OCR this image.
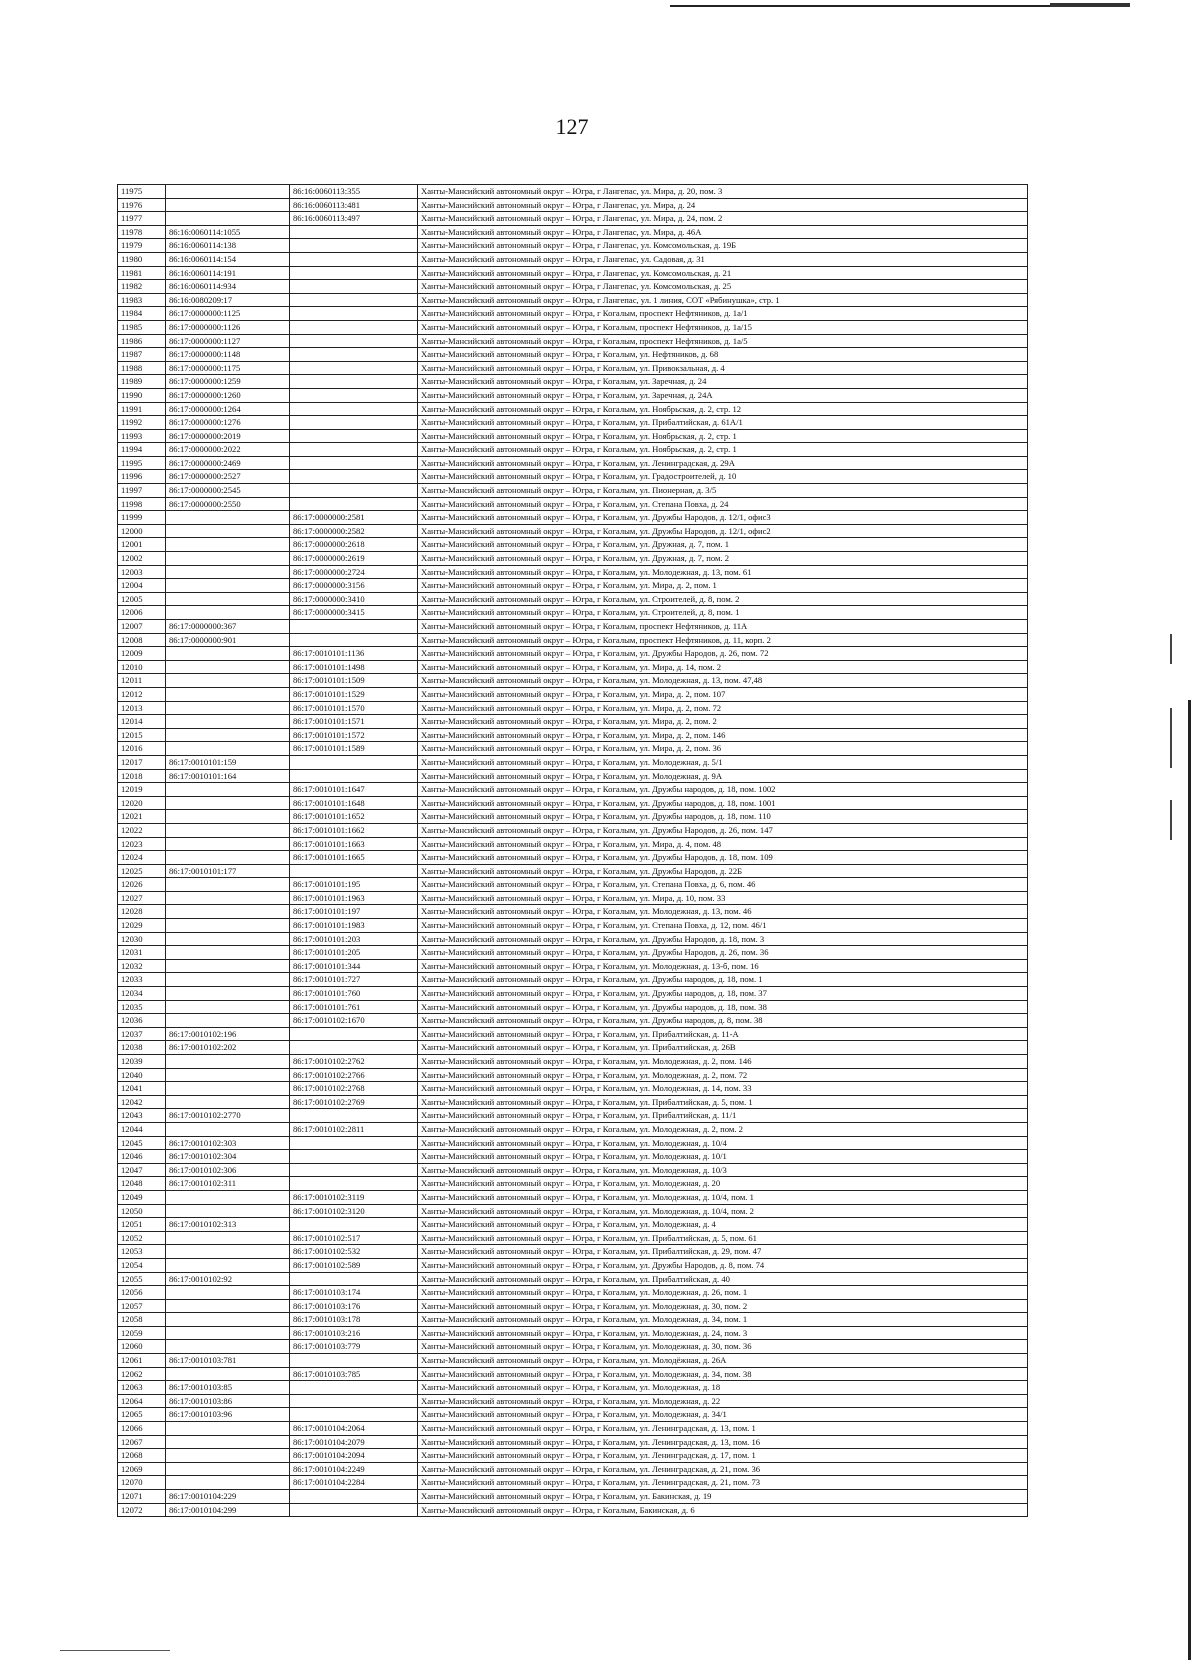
127
11975		86:16:0060113:355	Ханты-Мансийский автономный округ – Югра, г Лангепас, ул. Мира, д. 20, пом. 3
11976		86:16:0060113:481	Ханты-Мансийский автономный округ – Югра, г Лангепас, ул. Мира, д. 24
11977		86:16:0060113:497	Ханты-Мансийский автономный округ – Югра, г Лангепас, ул. Мира, д. 24, пом. 2
11978	86:16:0060114:1055		Ханты-Мансийский автономный округ – Югра, г Лангепас, ул. Мира, д. 46А
11979	86:16:0060114:138		Ханты-Мансийский автономный округ – Югра, г Лангепас, ул. Комсомольская, д. 19Б
11980	86:16:0060114:154		Ханты-Мансийский автономный округ – Югра, г Лангепас, ул. Садовая, д. 31
11981	86:16:0060114:191		Ханты-Мансийский автономный округ – Югра, г Лангепас, ул. Комсомольская, д. 21
11982	86:16:0060114:934		Ханты-Мансийский автономный округ – Югра, г Лангепас, ул. Комсомольская, д. 25
11983	86:16:0080209:17		Ханты-Мансийский автономный округ – Югра, г Лангепас, ул. 1 линия, СОТ «Рябинушка», стр. 1
11984	86:17:0000000:1125		Ханты-Мансийский автономный округ – Югра, г Когалым, проспект Нефтяников, д. 1а/1
11985	86:17:0000000:1126		Ханты-Мансийский автономный округ – Югра, г Когалым, проспект Нефтяников, д. 1а/15
11986	86:17:0000000:1127		Ханты-Мансийский автономный округ – Югра, г Когалым, проспект Нефтяников, д. 1а/5
11987	86:17:0000000:1148		Ханты-Мансийский автономный округ – Югра, г Когалым, ул. Нефтяников, д. 68
11988	86:17:0000000:1175		Ханты-Мансийский автономный округ – Югра, г Когалым, ул. Привокзальная, д. 4
11989	86:17:0000000:1259		Ханты-Мансийский автономный округ – Югра, г Когалым, ул. Заречная, д. 24
11990	86:17:0000000:1260		Ханты-Мансийский автономный округ – Югра, г Когалым, ул. Заречная, д. 24А
11991	86:17:0000000:1264		Ханты-Мансийский автономный округ – Югра, г Когалым, ул. Ноябрьская, д. 2, стр. 12
11992	86:17:0000000:1276		Ханты-Мансийский автономный округ – Югра, г Когалым, ул. Прибалтийская, д. 61А/1
11993	86:17:0000000:2019		Ханты-Мансийский автономный округ – Югра, г Когалым, ул. Ноябрьская, д. 2, стр. 1
11994	86:17:0000000:2022		Ханты-Мансийский автономный округ – Югра, г Когалым, ул. Ноябрьская, д. 2, стр. 1
11995	86:17:0000000:2469		Ханты-Мансийский автономный округ – Югра, г Когалым, ул. Ленинградская, д. 29А
11996	86:17:0000000:2527		Ханты-Мансийский автономный округ – Югра, г Когалым, ул. Градостроителей, д. 10
11997	86:17:0000000:2545		Ханты-Мансийский автономный округ – Югра, г Когалым, ул. Пионерная, д. 3/5
11998	86:17:0000000:2550		Ханты-Мансийский автономный округ – Югра, г Когалым, ул. Степана Повха, д. 24
11999		86:17:0000000:2581	Ханты-Мансийский автономный округ – Югра, г Когалым, ул. Дружбы Народов, д. 12/1, офис3
12000		86:17:0000000:2582	Ханты-Мансийский автономный округ – Югра, г Когалым, ул. Дружбы Народов, д. 12/1, офис2
12001		86:17:0000000:2618	Ханты-Мансийский автономный округ – Югра, г Когалым, ул. Дружная, д. 7, пом. 1
12002		86:17:0000000:2619	Ханты-Мансийский автономный округ – Югра, г Когалым, ул. Дружная, д. 7, пом. 2
12003		86:17:0000000:2724	Ханты-Мансийский автономный округ – Югра, г Когалым, ул. Молодежная, д. 13, пом. 61
12004		86:17:0000000:3156	Ханты-Мансийский автономный округ – Югра, г Когалым, ул. Мира, д. 2, пом. 1
12005		86:17:0000000:3410	Ханты-Мансийский автономный округ – Югра, г Когалым, ул. Строителей, д. 8, пом. 2
12006		86:17:0000000:3415	Ханты-Мансийский автономный округ – Югра, г Когалым, ул. Строителей, д. 8, пом. 1
12007	86:17:0000000:367		Ханты-Мансийский автономный округ – Югра, г Когалым, проспект Нефтяников, д. 11А
12008	86:17:0000000:901		Ханты-Мансийский автономный округ – Югра, г Когалым, проспект Нефтяников, д. 11, корп. 2
12009		86:17:0010101:1136	Ханты-Мансийский автономный округ – Югра, г Когалым, ул. Дружбы Народов, д. 26, пом. 72
12010		86:17:0010101:1498	Ханты-Мансийский автономный округ – Югра, г Когалым, ул. Мира, д. 14, пом. 2
12011		86:17:0010101:1509	Ханты-Мансийский автономный округ – Югра, г Когалым, ул. Молодежная, д. 13, пом. 47,48
12012		86:17:0010101:1529	Ханты-Мансийский автономный округ – Югра, г Когалым, ул. Мира, д. 2, пом. 107
12013		86:17:0010101:1570	Ханты-Мансийский автономный округ – Югра, г Когалым, ул. Мира, д. 2, пом. 72
12014		86:17:0010101:1571	Ханты-Мансийский автономный округ – Югра, г Когалым, ул. Мира, д. 2, пом. 2
12015		86:17:0010101:1572	Ханты-Мансийский автономный округ – Югра, г Когалым, ул. Мира, д. 2, пом. 146
12016		86:17:0010101:1589	Ханты-Мансийский автономный округ – Югра, г Когалым, ул. Мира, д. 2, пом. 36
12017	86:17:0010101:159		Ханты-Мансийский автономный округ – Югра, г Когалым, ул. Молодежная, д. 5/1
12018	86:17:0010101:164		Ханты-Мансийский автономный округ – Югра, г Когалым, ул. Молодежная, д. 9А
12019		86:17:0010101:1647	Ханты-Мансийский автономный округ – Югра, г Когалым, ул. Дружбы народов, д. 18, пом. 1002
12020		86:17:0010101:1648	Ханты-Мансийский автономный округ – Югра, г Когалым, ул. Дружбы народов, д. 18, пом. 1001
12021		86:17:0010101:1652	Ханты-Мансийский автономный округ – Югра, г Когалым, ул. Дружбы народов, д. 18, пом. 110
12022		86:17:0010101:1662	Ханты-Мансийский автономный округ – Югра, г Когалым, ул. Дружбы Народов, д. 26, пом. 147
12023		86:17:0010101:1663	Ханты-Мансийский автономный округ – Югра, г Когалым, ул. Мира, д. 4, пом. 48
12024		86:17:0010101:1665	Ханты-Мансийский автономный округ – Югра, г Когалым, ул. Дружбы Народов, д. 18, пом. 109
12025	86:17:0010101:177		Ханты-Мансийский автономный округ – Югра, г Когалым, ул. Дружбы Народов, д. 22Б
12026		86:17:0010101:195	Ханты-Мансийский автономный округ – Югра, г Когалым, ул. Степана Повха, д. 6, пом. 46
12027		86:17:0010101:1963	Ханты-Мансийский автономный округ – Югра, г Когалым, ул. Мира, д. 10, пом. 33
12028		86:17:0010101:197	Ханты-Мансийский автономный округ – Югра, г Когалым, ул. Молодежная, д. 13, пом. 46
12029		86:17:0010101:1983	Ханты-Мансийский автономный округ – Югра, г Когалым, ул. Степана Повха, д. 12, пом. 46/1
12030		86:17:0010101:203	Ханты-Мансийский автономный округ – Югра, г Когалым, ул. Дружбы Народов, д. 18, пом. 3
12031		86:17:0010101:205	Ханты-Мансийский автономный округ – Югра, г Когалым, ул. Дружбы Народов, д. 26, пом. 36
12032		86:17:0010101:344	Ханты-Мансийский автономный округ – Югра, г Когалым, ул. Молодежная, д. 13-б, пом. 16
12033		86:17:0010101:727	Ханты-Мансийский автономный округ – Югра, г Когалым, ул. Дружбы народов, д. 18, пом. 1
12034		86:17:0010101:760	Ханты-Мансийский автономный округ – Югра, г Когалым, ул. Дружбы народов, д. 18, пом. 37
12035		86:17:0010101:761	Ханты-Мансийский автономный округ – Югра, г Когалым, ул. Дружбы народов, д. 18, пом. 38
12036		86:17:0010102:1670	Ханты-Мансийский автономный округ – Югра, г Когалым, ул. Дружбы народов, д. 8, пом. 38
12037	86:17:0010102:196		Ханты-Мансийский автономный округ – Югра, г Когалым, ул. Прибалтийская, д. 11-А
12038	86:17:0010102:202		Ханты-Мансийский автономный округ – Югра, г Когалым, ул. Прибалтийская, д. 26В
12039		86:17:0010102:2762	Ханты-Мансийский автономный округ – Югра, г Когалым, ул. Молодежная, д. 2, пом. 146
12040		86:17:0010102:2766	Ханты-Мансийский автономный округ – Югра, г Когалым, ул. Молодежная, д. 2, пом. 72
12041		86:17:0010102:2768	Ханты-Мансийский автономный округ – Югра, г Когалым, ул. Молодежная, д. 14, пом. 33
12042		86:17:0010102:2769	Ханты-Мансийский автономный округ – Югра, г Когалым, ул. Прибалтийская, д. 5, пом. 1
12043	86:17:0010102:2770		Ханты-Мансийский автономный округ – Югра, г Когалым, ул. Прибалтийская, д. 11/1
12044		86:17:0010102:2811	Ханты-Мансийский автономный округ – Югра, г Когалым, ул. Молодежная, д. 2, пом. 2
12045	86:17:0010102:303		Ханты-Мансийский автономный округ – Югра, г Когалым, ул. Молодежная, д. 10/4
12046	86:17:0010102:304		Ханты-Мансийский автономный округ – Югра, г Когалым, ул. Молодежная, д. 10/1
12047	86:17:0010102:306		Ханты-Мансийский автономный округ – Югра, г Когалым, ул. Молодежная, д. 10/3
12048	86:17:0010102:311		Ханты-Мансийский автономный округ – Югра, г Когалым, ул. Молодежная, д. 20
12049		86:17:0010102:3119	Ханты-Мансийский автономный округ – Югра, г Когалым, ул. Молодежная, д. 10/4, пом. 1
12050		86:17:0010102:3120	Ханты-Мансийский автономный округ – Югра, г Когалым, ул. Молодежная, д. 10/4, пом. 2
12051	86:17:0010102:313		Ханты-Мансийский автономный округ – Югра, г Когалым, ул. Молодежная, д. 4
12052		86:17:0010102:517	Ханты-Мансийский автономный округ – Югра, г Когалым, ул. Прибалтийская, д. 5, пом. 61
12053		86:17:0010102:532	Ханты-Мансийский автономный округ – Югра, г Когалым, ул. Прибалтийская, д. 29, пом. 47
12054		86:17:0010102:589	Ханты-Мансийский автономный округ – Югра, г Когалым, ул. Дружбы Народов, д. 8, пом. 74
12055	86:17:0010102:92		Ханты-Мансийский автономный округ – Югра, г Когалым, ул. Прибалтийская, д. 40
12056		86:17:0010103:174	Ханты-Мансийский автономный округ – Югра, г Когалым, ул. Молодежная, д. 26, пом. 1
12057		86:17:0010103:176	Ханты-Мансийский автономный округ – Югра, г Когалым, ул. Молодежная, д. 30, пом. 2
12058		86:17:0010103:178	Ханты-Мансийский автономный округ – Югра, г Когалым, ул. Молодежная, д. 34, пом. 1
12059		86:17:0010103:216	Ханты-Мансийский автономный округ – Югра, г Когалым, ул. Молодежная, д. 24, пом. 3
12060		86:17:0010103:779	Ханты-Мансийский автономный округ – Югра, г Когалым, ул. Молодежная, д. 30, пом. 36
12061	86:17:0010103:781		Ханты-Мансийский автономный округ – Югра, г Когалым, ул. Молодёжная, д. 26А
12062		86:17:0010103:785	Ханты-Мансийский автономный округ – Югра, г Когалым, ул. Молодежная, д. 34, пом. 38
12063	86:17:0010103:85		Ханты-Мансийский автономный округ – Югра, г Когалым, ул. Молодежная, д. 18
12064	86:17:0010103:86		Ханты-Мансийский автономный округ – Югра, г Когалым, ул. Молодежная, д. 22
12065	86:17:0010103:96		Ханты-Мансийский автономный округ – Югра, г Когалым, ул. Молодежная, д. 34/1
12066		86:17:0010104:2064	Ханты-Мансийский автономный округ – Югра, г Когалым, ул. Ленинградская, д. 13, пом. 1
12067		86:17:0010104:2079	Ханты-Мансийский автономный округ – Югра, г Когалым, ул. Ленинградская, д. 13, пом. 16
12068		86:17:0010104:2094	Ханты-Мансийский автономный округ – Югра, г Когалым, ул. Ленинградская, д. 17, пом. 1
12069		86:17:0010104:2249	Ханты-Мансийский автономный округ – Югра, г Когалым, ул. Ленинградская, д. 21, пом. 36
12070		86:17:0010104:2284	Ханты-Мансийский автономный округ – Югра, г Когалым, ул. Ленинградская, д. 21, пом. 73
12071	86:17:0010104:229		Ханты-Мансийский автономный округ – Югра, г Когалым, ул. Бакинская, д. 19
12072	86:17:0010104:299		Ханты-Мансийский автономный округ – Югра, г Когалым, Бакинская, д. 6
